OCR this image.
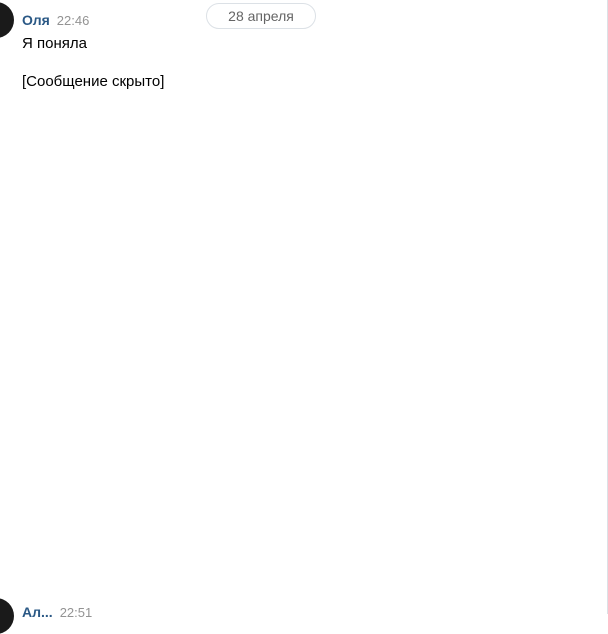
Оля 22:46	28 апреля

Я поняла

[Сообщение скрыто]

Ал... 22:51
